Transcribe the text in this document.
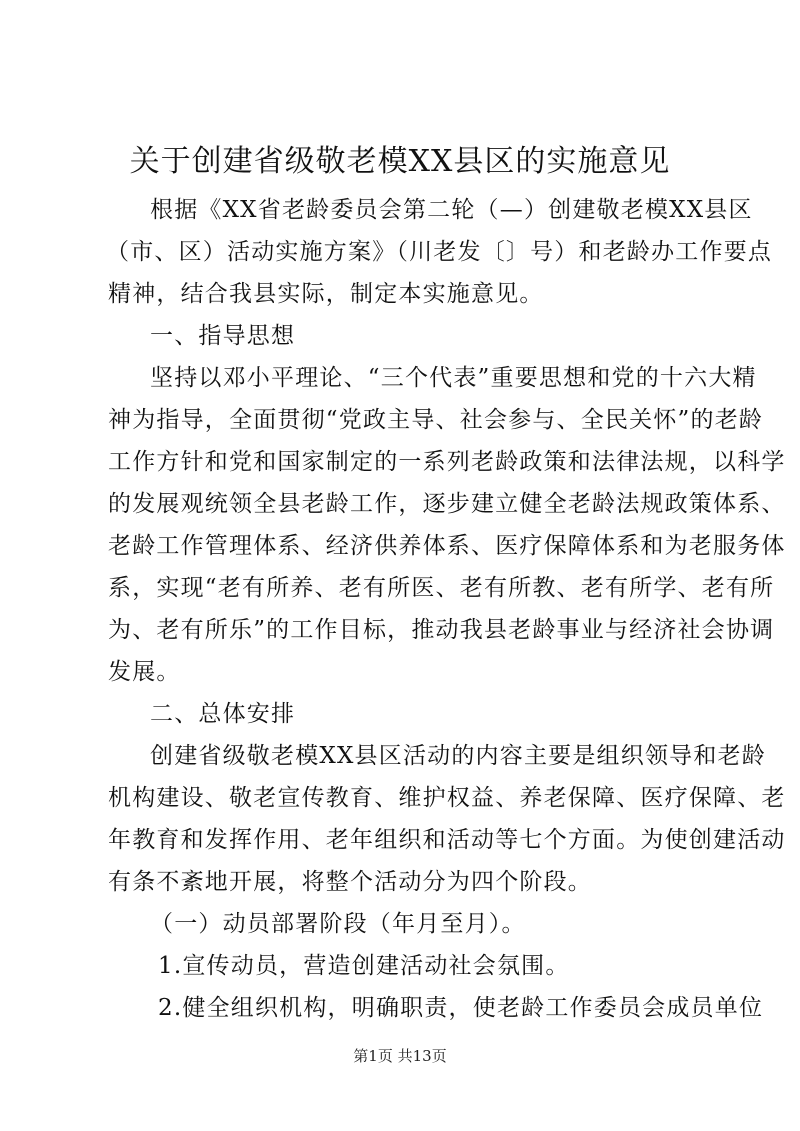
关于创建省级敬老模XX县区的实施意见

根据《XX省老龄委员会第二轮（—）创建敬老模XX县区

（市、区）活动实施方案》（川老发〔〕号）和老龄办工作要点

精神，结合我县实际，制定本实施意见。

一、指导思想

坚持以邓小平理论、“三个代表”重要思想和党的十六大精

神为指导，全面贯彻“党政主导、社会参与、全民关怀”的老龄

工作方针和党和国家制定的一系列老龄政策和法律法规，以科学

的发展观统领全县老龄工作，逐步建立健全老龄法规政策体系、

老龄工作管理体系、经济供养体系、医疗保障体系和为老服务体

系，实现“老有所养、老有所医、老有所教、老有所学、老有所

为、老有所乐”的工作目标，推动我县老龄事业与经济社会协调

发展。

二、总体安排

创建省级敬老模XX县区活动的内容主要是组织领导和老龄

机构建设、敬老宣传教育、维护权益、养老保障、医疗保障、老

年教育和发挥作用、老年组织和活动等七个方面。为使创建活动

有条不紊地开展，将整个活动分为四个阶段。

（一）动员部署阶段（年月至月）。

1.宣传动员，营造创建活动社会氛围。

2.健全组织机构，明确职责，使老龄工作委员会成员单位

第1页 共13页
